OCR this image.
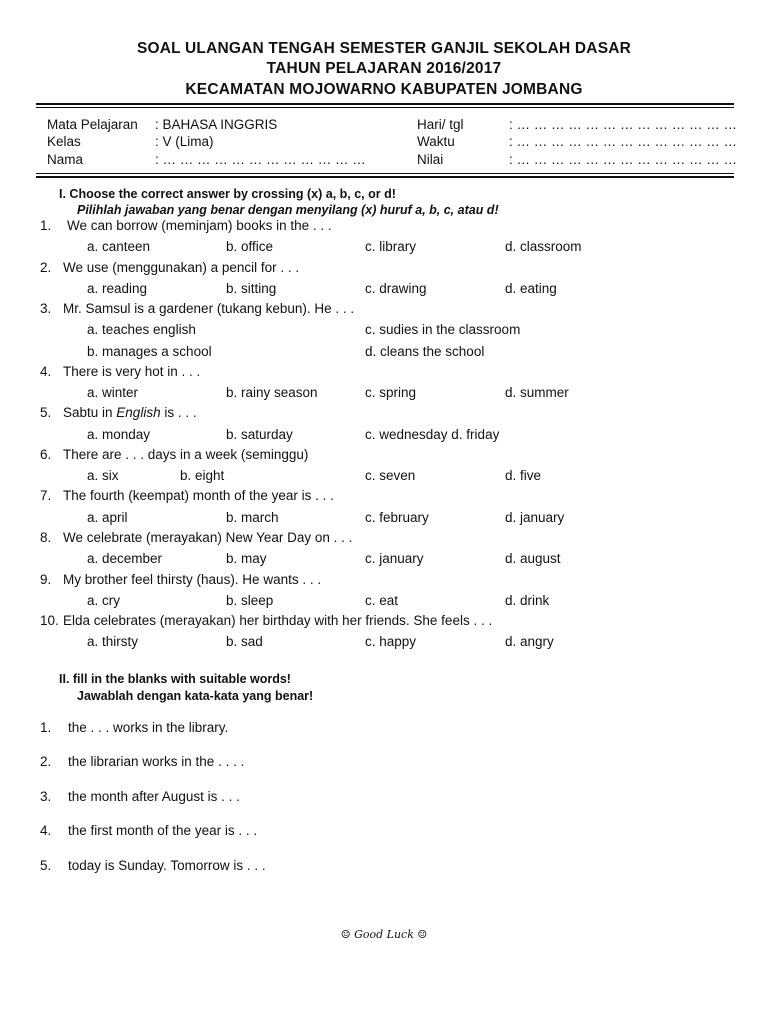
SOAL ULANGAN TENGAH SEMESTER GANJIL SEKOLAH DASAR
TAHUN PELAJARAN 2016/2017
KECAMATAN MOJOWARNO KABUPATEN JOMBANG
Mata Pelajaran : BAHASA INGGRIS
Kelas	: V (Lima)
Nama	: … … … … … … … … … … … …
Hari/ tgl	: … … … … … … … … … … … … …
Waktu	: … … … … … … … … … … … … …
Nilai	: … … … … … … … … … … … … …
I. Choose the correct answer by crossing (x) a, b, c, or d!
Pilihlah jawaban yang benar dengan menyilang (x) huruf a, b, c, atau d!
1. We can borrow (meminjam) books in the . . .
a. canteen	b. office	c. library	d. classroom
2. We use (menggunakan) a pencil for . . .
a. reading	b. sitting	c. drawing	d. eating
3. Mr. Samsul is a gardener (tukang kebun). He . . .
a. teaches english	c. sudies in the classroom
b. manages a school	d. cleans the school
4. There is very hot in . . .
a. winter	b. rainy season	c. spring	d. summer
5. Sabtu in English is . . .
a. monday	b. saturday	c. wednesday d. friday
6. There are . . . days in a week (seminggu)
a. six	b. eight	c. seven	d. five
7. The fourth (keempat) month of the year is . . .
a. april	b. march	c. february	d. january
8. We celebrate (merayakan) New Year Day on . . .
a. december	b. may	c. january	d. august
9. My brother feel thirsty (haus). He wants . . .
a. cry	b. sleep	c. eat	d. drink
10. Elda celebrates (merayakan) her birthday with her friends. She feels . . .
a. thirsty	b. sad	c. happy	d. angry
II. fill in the blanks with suitable words!
Jawablah dengan kata-kata yang benar!
1. the . . . works in the library.
2. the librarian works in the . . . .
3. the month after August is . . .
4. the first month of the year is . . .
5. today is Sunday. Tomorrow is . . .
☺ Good Luck ☺
